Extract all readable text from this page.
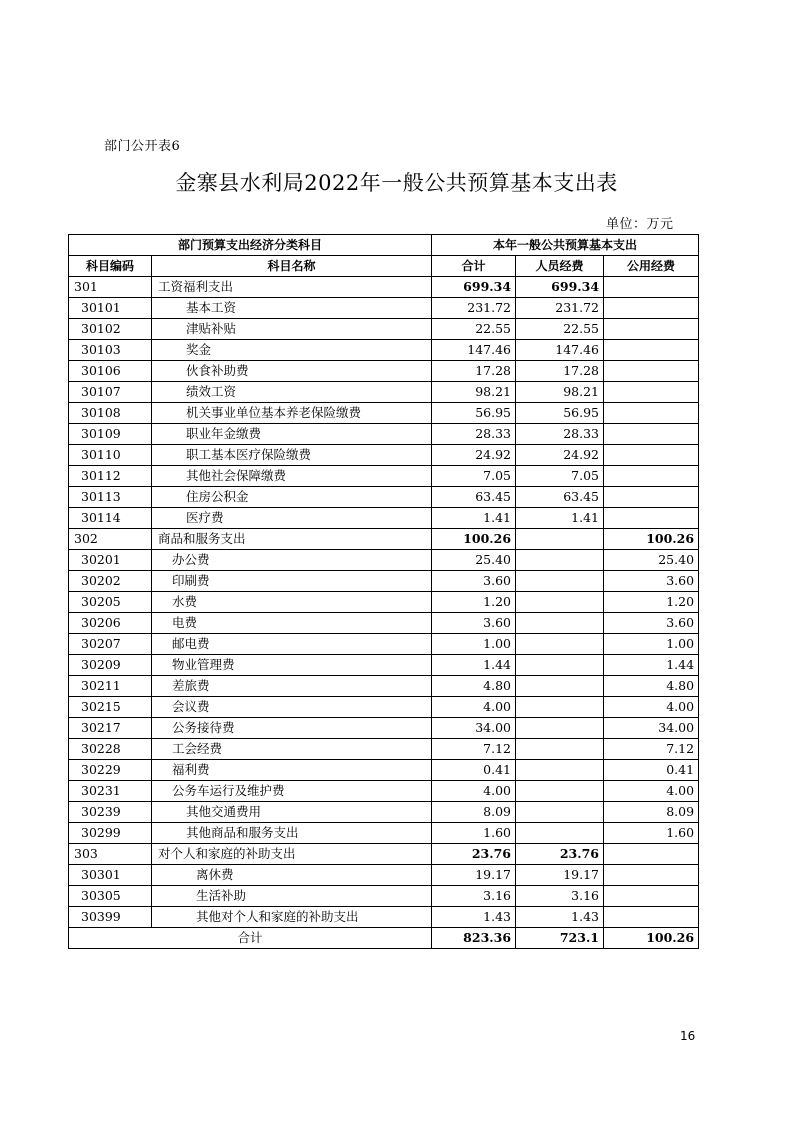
部门公开表6
金寨县水利局2022年一般公共预算基本支出表
单位：万元
部门预算支出经济分类科目		本年一般公共预算基本支出		
科目编码	科目名称	合计	人员经费	公用经费
301	工资福利支出	699.34	699.34	
30101	基本工资	231.72	231.72	
30102	津贴补贴	22.55	22.55	
30103	奖金	147.46	147.46	
30106	伙食补助费	17.28	17.28	
30107	绩效工资	98.21	98.21	
30108	机关事业单位基本养老保险缴费	56.95	56.95	
30109	职业年金缴费	28.33	28.33	
30110	职工基本医疗保险缴费	24.92	24.92	
30112	其他社会保障缴费	7.05	7.05	
30113	住房公积金	63.45	63.45	
30114	医疗费	1.41	1.41	
302	商品和服务支出	100.26		100.26
30201	办公费	25.40		25.40
30202	印刷费	3.60		3.60
30205	水费	1.20		1.20
30206	电费	3.60		3.60
30207	邮电费	1.00		1.00
30209	物业管理费	1.44		1.44
30211	差旅费	4.80		4.80
30215	会议费	4.00		4.00
30217	公务接待费	34.00		34.00
30228	工会经费	7.12		7.12
30229	福利费	0.41		0.41
30231	公务车运行及维护费	4.00		4.00
30239	其他交通费用	8.09		8.09
30299	其他商品和服务支出	1.60		1.60
303	对个人和家庭的补助支出	23.76	23.76	
30301	离休费	19.17	19.17	
30305	生活补助	3.16	3.16	
30399	其他对个人和家庭的补助支出	1.43	1.43	
合计		823.36	723.1	100.26
16
